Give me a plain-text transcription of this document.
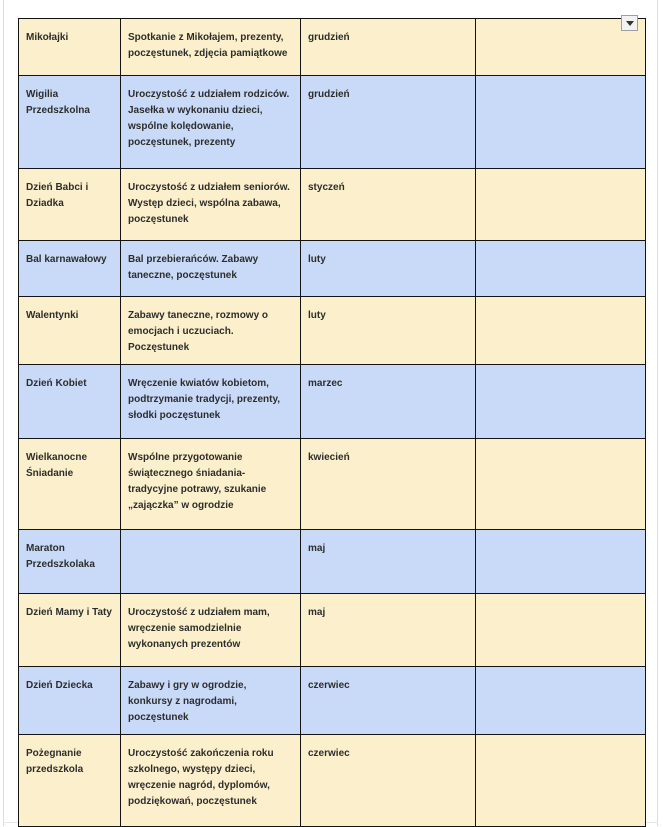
Mikołajki	Spotkanie z Mikołajem, prezenty, poczęstunek, zdjęcia pamiątkowe	grudzień	
Wigilia Przedszkolna	Uroczystość z udziałem rodziców. Jasełka w wykonaniu dzieci, wspólne kolędowanie, poczęstunek, prezenty	grudzień	
Dzień Babci i Dziadka	Uroczystość z udziałem seniorów. Występ dzieci, wspólna zabawa, poczęstunek	styczeń	
Bal karnawałowy	Bal przebierańców. Zabawy taneczne, poczęstunek	luty	
Walentynki	Zabawy taneczne, rozmowy o emocjach i uczuciach. Poczęstunek	luty	
Dzień Kobiet	Wręczenie kwiatów kobietom, podtrzymanie tradycji, prezenty, słodki poczęstunek	marzec	
Wielkanocne Śniadanie	Wspólne przygotowanie świątecznego śniadania- tradycyjne potrawy, szukanie „zajączka” w ogrodzie	kwiecień	
Maraton Przedszkolaka		maj	
Dzień Mamy i Taty	Uroczystość z udziałem mam, wręczenie samodzielnie wykonanych prezentów	maj	
Dzień Dziecka	Zabawy i gry w ogrodzie, konkursy z nagrodami, poczęstunek	czerwiec	
Pożegnanie przedszkola	Uroczystość zakończenia roku szkolnego, występy dzieci, wręczenie nagród, dyplomów, podziękowań, poczęstunek	czerwiec	
